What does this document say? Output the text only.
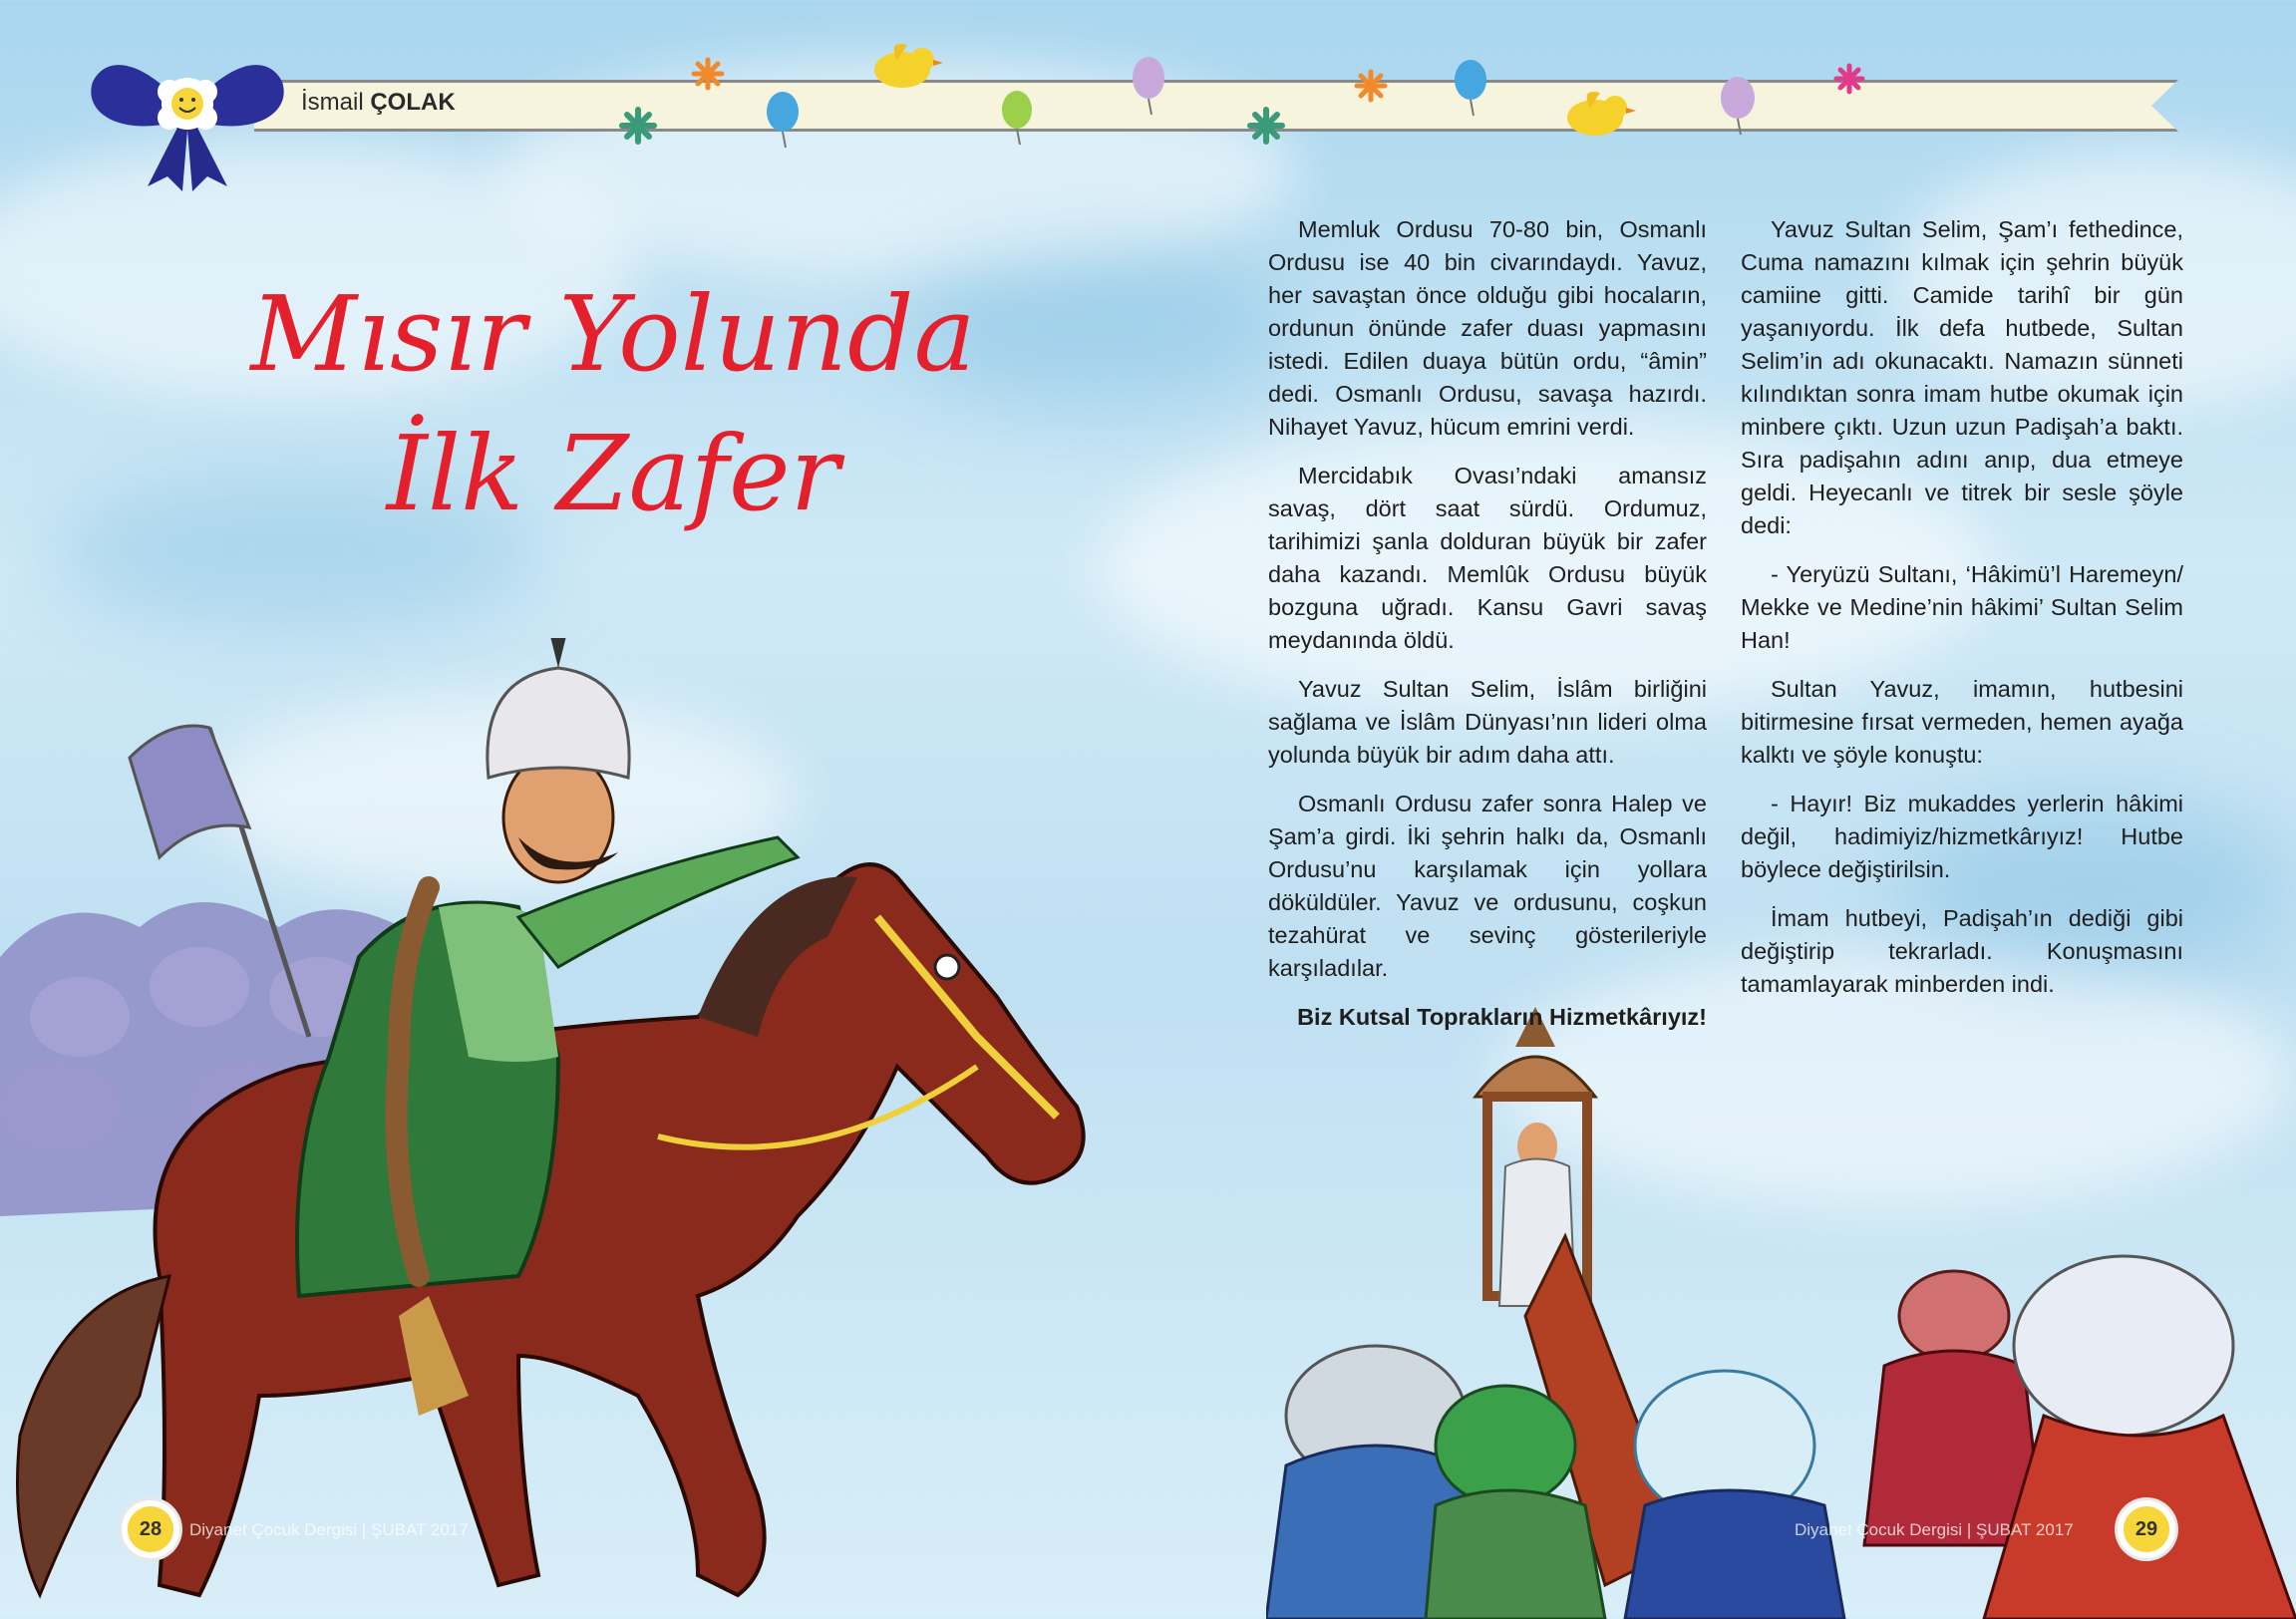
İsmail ÇOLAK
Mısır Yolunda
İlk Zafer

Memluk Ordusu 70-80 bin, Osmanlı Ordusu ise 40 bin civarındaydı. Yavuz, her savaştan önce olduğu gibi hocaların, ordunun önünde zafer duası yapmasını istedi. Edilen duaya bütün ordu, “âmin” dedi. Osmanlı Ordusu, savaşa hazırdı. Nihayet Yavuz, hücum emrini verdi.

Mercidabık Ovası’ndaki amansız savaş, dört saat sürdü. Ordumuz, tarihimizi şanla dolduran büyük bir zafer daha kazandı. Memlûk Ordusu büyük bozguna uğradı. Kansu Gavri savaş meydanında öldü.

Yavuz Sultan Selim, İslâm birliğini sağlama ve İslâm Dünyası’nın lideri olma yolunda büyük bir adım daha attı.

Osmanlı Ordusu zafer sonra Halep ve Şam’a girdi. İki şehrin halkı da, Osmanlı Ordusu’nu karşılamak için yollara döküldüler. Yavuz ve ordusunu, coşkun tezahürat ve sevinç gösterileriyle karşıladılar.

Biz Kutsal Toprakların Hizmetkârıyız!

Yavuz Sultan Selim, Şam’ı fethedince, Cuma namazını kılmak için şehrin büyük camiine gitti. Camide tarihî bir gün yaşanıyordu. İlk defa hutbede, Sultan Selim’in adı okunacaktı. Namazın sünneti kılındıktan sonra imam hutbe okumak için minbere çıktı. Uzun uzun Padişah’a baktı. Sıra padişahın adını anıp, dua etmeye geldi. Heyecanlı ve titrek bir sesle şöyle dedi:

- Yeryüzü Sultanı, ‘Hâkimü’l Haremeyn/ Mekke ve Medine’nin hâkimi’ Sultan Selim Han!

Sultan Yavuz, imamın, hutbesini bitirmesine fırsat vermeden, hemen ayağa kalktı ve şöyle konuştu:

- Hayır! Biz mukaddes yerlerin hâkimi değil, hadimiyiz/hizmetkârıyız! Hutbe böylece değiştirilsin.

İmam hutbeyi, Padişah’ın dediği gibi değiştirip tekrarladı. Konuşmasını tamamlayarak minberden indi.

28	Diyanet Çocuk Dergisi | ŞUBAT 2017	Diyanet Çocuk Dergisi | ŞUBAT 2017	29
